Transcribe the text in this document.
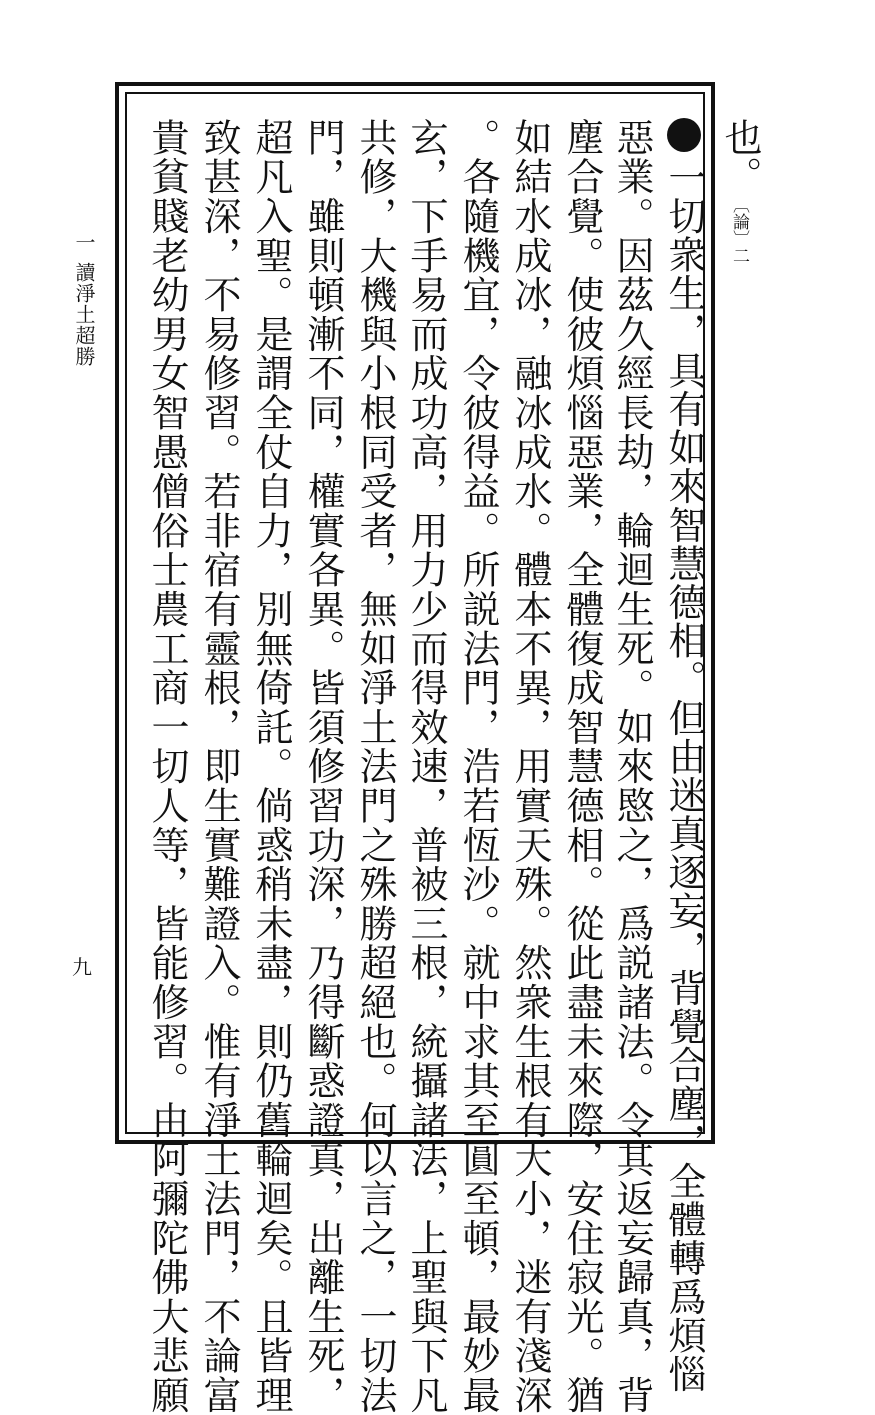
也。
〔論〕二
一切衆生，具有如來智慧德相。但由迷真逐妄，背覺合塵，全體轉爲煩惱
惡業。因茲久經長劫，輪迴生死。如來愍之，爲説諸法。令其返妄歸真，背
塵合覺。使彼煩惱惡業，全體復成智慧德相。從此盡未來際，安住寂光。猶
如結水成冰，融冰成水。體本不異，用實天殊。然衆生根有大小，迷有淺深
。各隨機宜，令彼得益。所説法門，浩若恆沙。就中求其至圓至頓，最妙最
玄，下手易而成功高，用力少而得效速，普被三根，統攝諸法，上聖與下凡
共修，大機與小根同受者，無如淨土法門之殊勝超絕也。何以言之，一切法
門，雖則頓漸不同，權實各異。皆須修習功深，乃得斷惑證真，出離生死，
超凡入聖。是謂全仗自力，別無倚託。倘惑稍未盡，則仍舊輪迴矣。且皆理
致甚深，不易修習。若非宿有靈根，即生實難證入。惟有淨土法門，不論富
貴貧賤老幼男女智愚僧俗士農工商一切人等，皆能修習。由阿彌陀佛大悲願
一
讀淨土超勝
九
